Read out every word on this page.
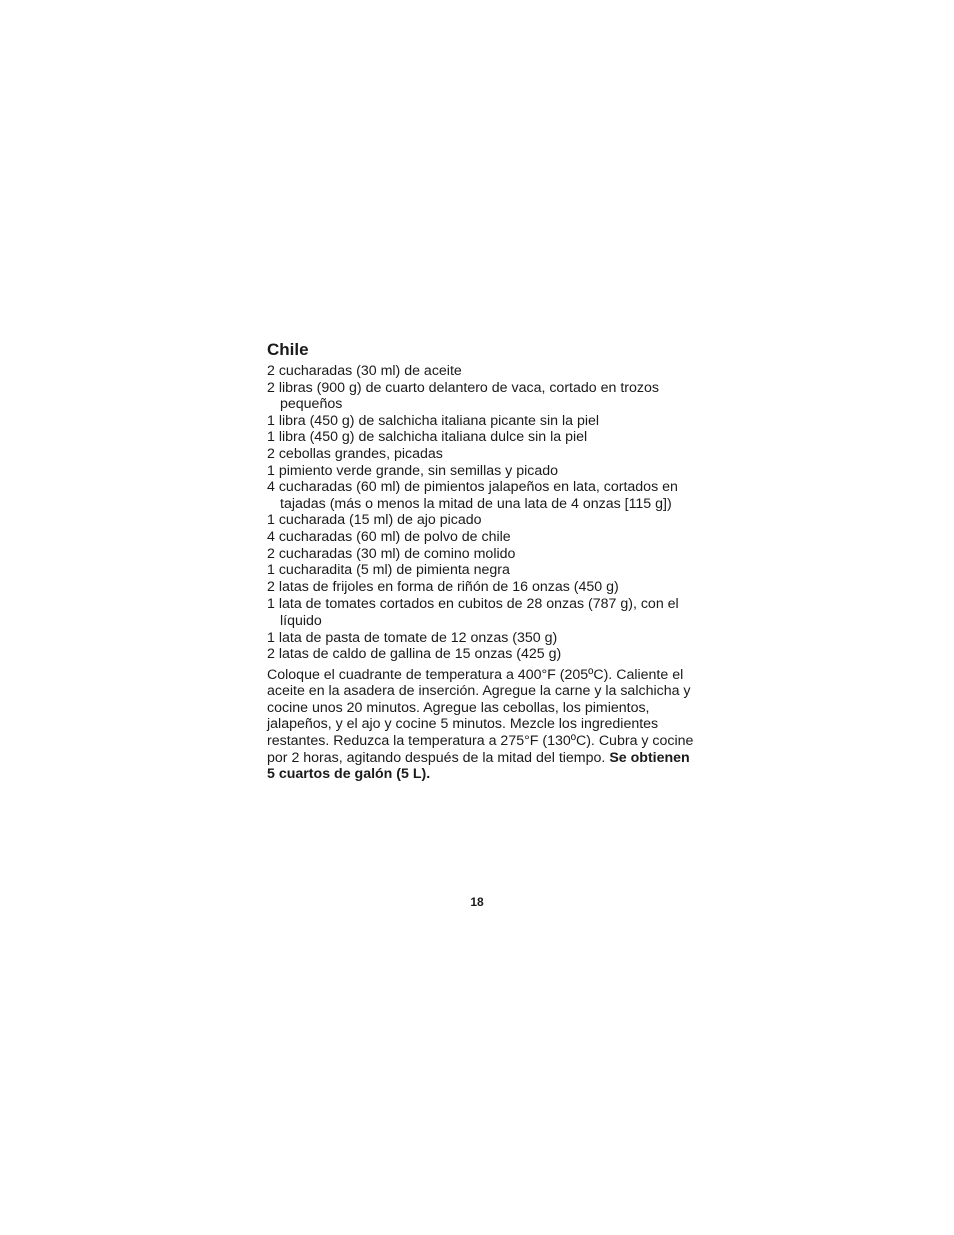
Chile
2 cucharadas (30 ml) de aceite
2 libras (900 g) de cuarto delantero de vaca, cortado en trozos pequeños
1 libra (450 g) de salchicha italiana picante sin la piel
1 libra (450 g) de salchicha italiana dulce sin la piel
2 cebollas grandes, picadas
1 pimiento verde grande, sin semillas y picado
4 cucharadas (60 ml) de pimientos jalapeños en lata, cortados en tajadas (más o menos la mitad de una lata de 4 onzas [115 g])
1 cucharada (15 ml) de ajo picado
4 cucharadas (60 ml) de polvo de chile
2 cucharadas (30 ml) de comino molido
1 cucharadita (5 ml) de pimienta negra
2 latas de frijoles en forma de riñón de 16 onzas (450 g)
1 lata de tomates cortados en cubitos de 28 onzas (787 g), con el líquido
1 lata de pasta de tomate de 12 onzas (350 g)
2 latas de caldo de gallina de 15 onzas (425 g)

Coloque el cuadrante de temperatura a 400°F (205ºC). Caliente el aceite en la asadera de inserción. Agregue la carne y la salchicha y cocine unos 20 minutos. Agregue las cebollas, los pimientos, jalapeños, y el ajo y cocine 5 minutos. Mezcle los ingredientes restantes. Reduzca la temperatura a 275°F (130ºC). Cubra y cocine por 2 horas, agitando después de la mitad del tiempo. Se obtienen 5 cuartos de galón (5 L).

18
